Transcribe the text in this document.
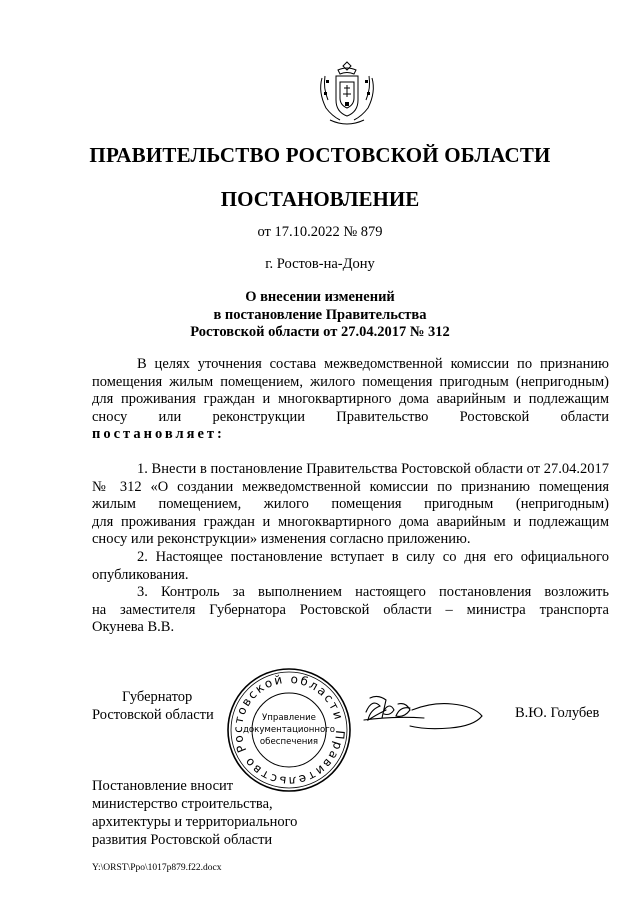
ПРАВИТЕЛЬСТВО РОСТОВСКОЙ ОБЛАСТИ
ПОСТАНОВЛЕНИЕ
от 17.10.2022 № 879
г. Ростов-на-Дону
О внесении изменений
в постановление Правительства
Ростовской области от 27.04.2017 № 312
В целях уточнения состава межведомственной комиссии по признанию
помещения жилым помещением, жилого помещения пригодным (непригодным)
для проживания граждан и многоквартирного дома аварийным и подлежащим
сносу или реконструкции Правительство Ростовской области
постановляет:
1. Внести в постановление Правительства Ростовской области от 27.04.2017
№ 312 «О создании межведомственной комиссии по признанию помещения
жилым помещением, жилого помещения пригодным (непригодным)
для проживания граждан и многоквартирного дома аварийным и подлежащим
сносу или реконструкции» изменения согласно приложению.
2. Настоящее постановление вступает в силу со дня его официального
опубликования.
3. Контроль за выполнением настоящего постановления возложить
на заместителя Губернатора Ростовской области – министра транспорта
Окунева В.В.
Губернатор
Ростовской области
Правительство Ростовской области
Управление
документационного
обеспечения
В.Ю. Голубев
Постановление вносит
министерство строительства,
архитектуры и территориального
развития Ростовской области
Y:\ORST\Ppo\1017p879.f22.docx
